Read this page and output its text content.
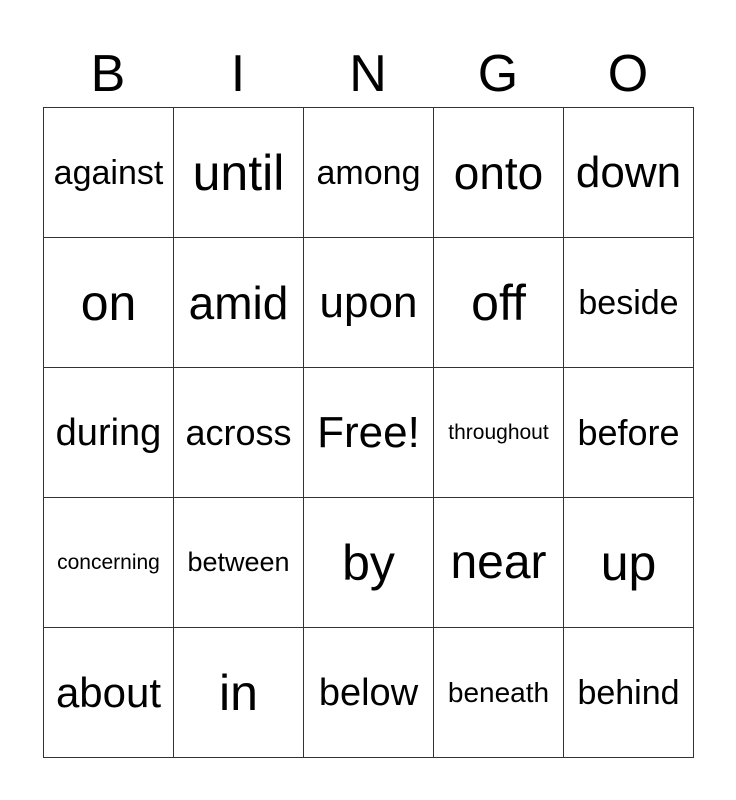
B	I	N	G	O
against until among onto down
on amid upon off beside
during across Free! throughout before
concerning between by near up
about in below beneath behind
